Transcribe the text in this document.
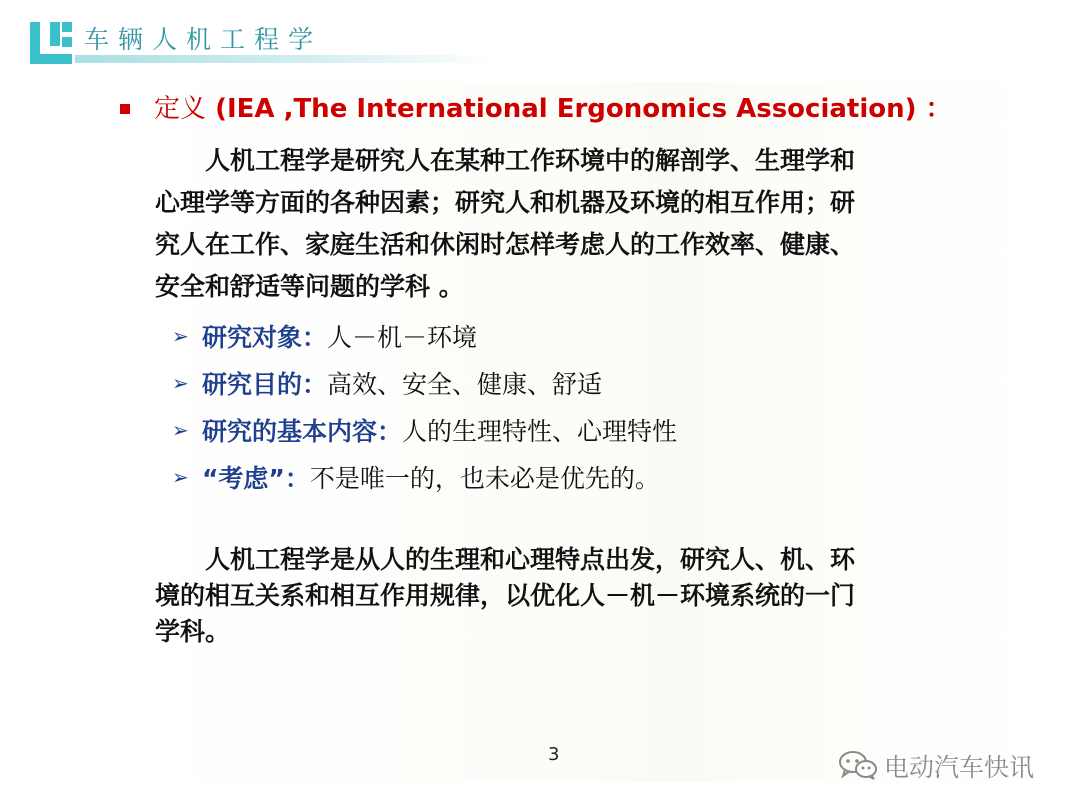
车辆人机工程学
定义 (IEA ,The International Ergonomics Association) ：
　　人机工程学是研究人在某种工作环境中的解剖学、生理学和
心理学等方面的各种因素；研究人和机器及环境的相互作用；研
究人在工作、家庭生活和休闲时怎样考虑人的工作效率、健康、
安全和舒适等问题的学科 。
➢ 研究对象：人－机－环境
➢ 研究目的：高效、安全、健康、舒适
➢ 研究的基本内容：人的生理特性、心理特性
➢ “考虑”：不是唯一的，也未必是优先的。
　　人机工程学是从人的生理和心理特点出发，研究人、机、环
境的相互关系和相互作用规律，以优化人－机－环境系统的一门
学科。
3	电动汽车快讯
